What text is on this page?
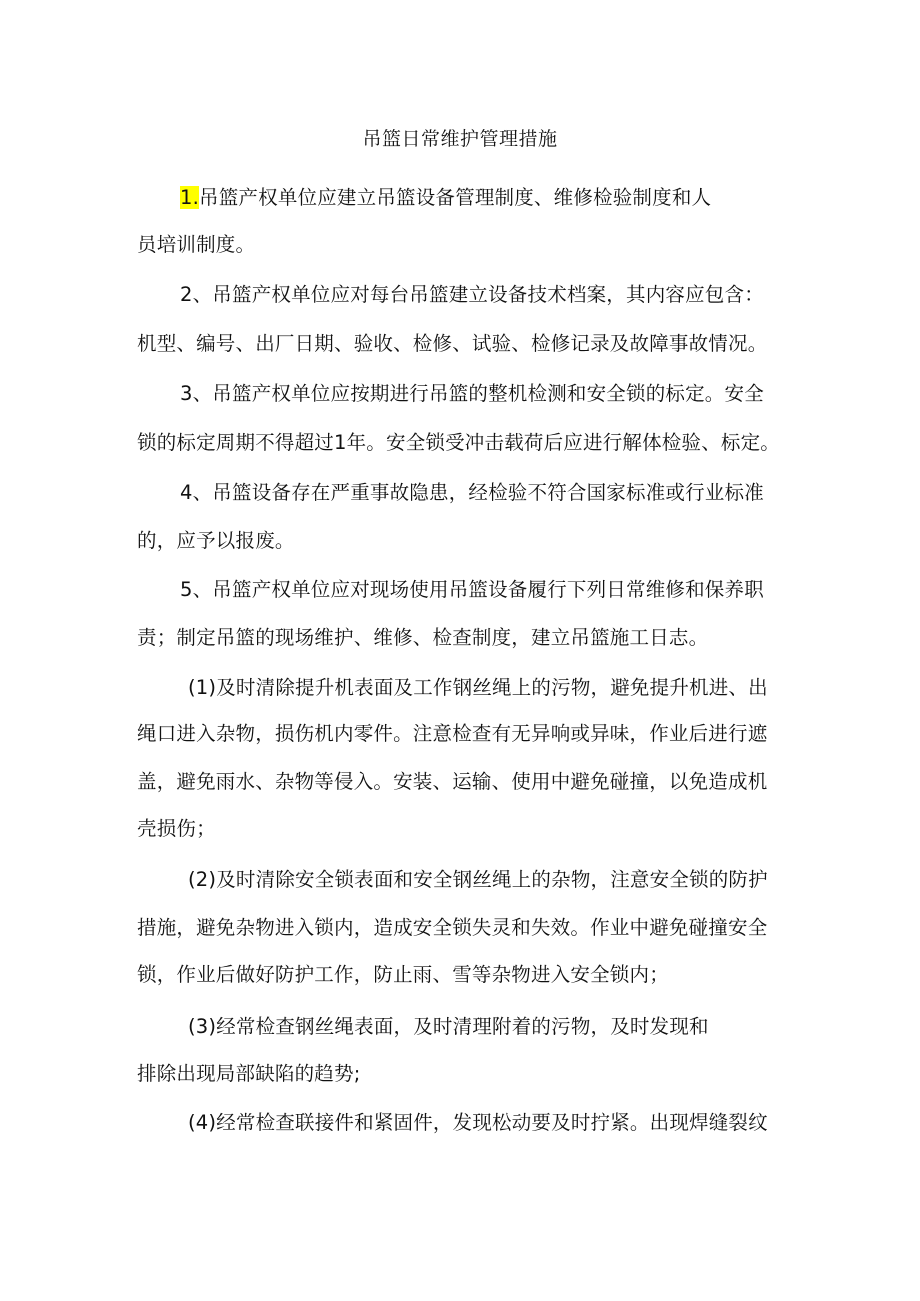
吊篮日常维护管理措施
1.吊篮产权单位应建立吊篮设备管理制度、维修检验制度和人
员培训制度。
2、吊篮产权单位应对每台吊篮建立设备技术档案，其内容应包含：
机型、编号、出厂日期、验收、检修、试验、检修记录及故障事故情况。
3、吊篮产权单位应按期进行吊篮的整机检测和安全锁的标定。安全
锁的标定周期不得超过1年。安全锁受冲击载荷后应进行解体检验、标定。
4、吊篮设备存在严重事故隐患，经检验不符合国家标准或行业标准
的，应予以报废。
5、吊篮产权单位应对现场使用吊篮设备履行下列日常维修和保养职
责；制定吊篮的现场维护、维修、检查制度，建立吊篮施工日志。
(1)及时清除提升机表面及工作钢丝绳上的污物，避免提升机进、出
绳口进入杂物，损伤机内零件。注意检查有无异响或异味，作业后进行遮
盖，避免雨水、杂物等侵入。安装、运输、使用中避免碰撞，以免造成机
壳损伤；
(2)及时清除安全锁表面和安全钢丝绳上的杂物，注意安全锁的防护
措施，避免杂物进入锁内，造成安全锁失灵和失效。作业中避免碰撞安全
锁，作业后做好防护工作，防止雨、雪等杂物进入安全锁内；
(3)经常检查钢丝绳表面，及时清理附着的污物，及时发现和
排除出现局部缺陷的趋势;
(4)经常检查联接件和紧固件，发现松动要及时拧紧。出现焊缝裂纹
